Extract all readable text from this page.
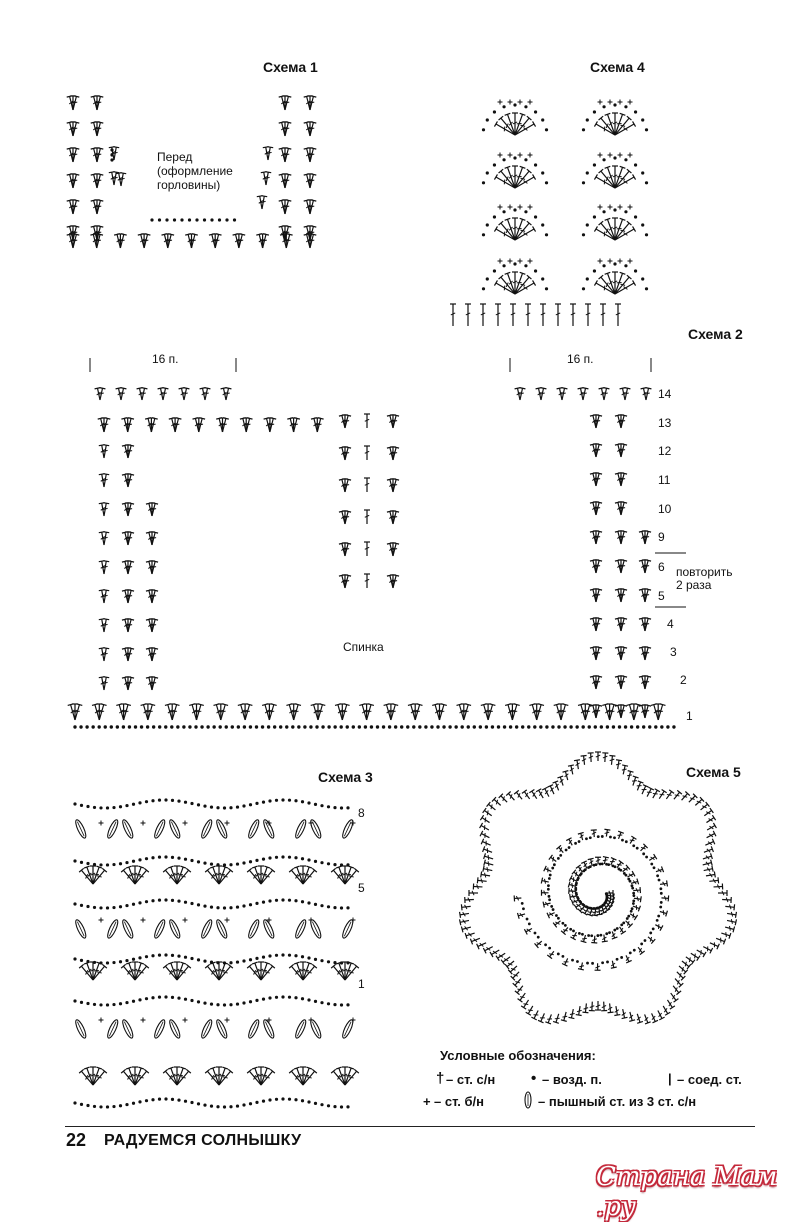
Схема 1	Схема 4
Схема 2
Схема 3	Схема 5
Перед
(оформление
горловины)
16 п.	16 п.
Спинка
14
13
12
11
10
9
6
5
4
3
2
1
повторить
2 раза
8
5
1
Условные обозначения:
† – ст. с/н • – возд. п.	| – соед. ст.
+ – ст. б/н	– пышный ст. из 3 ст. с/н
22 РАДУЕМСЯ СОЛНЫШКУ
Страна Мам .ру
